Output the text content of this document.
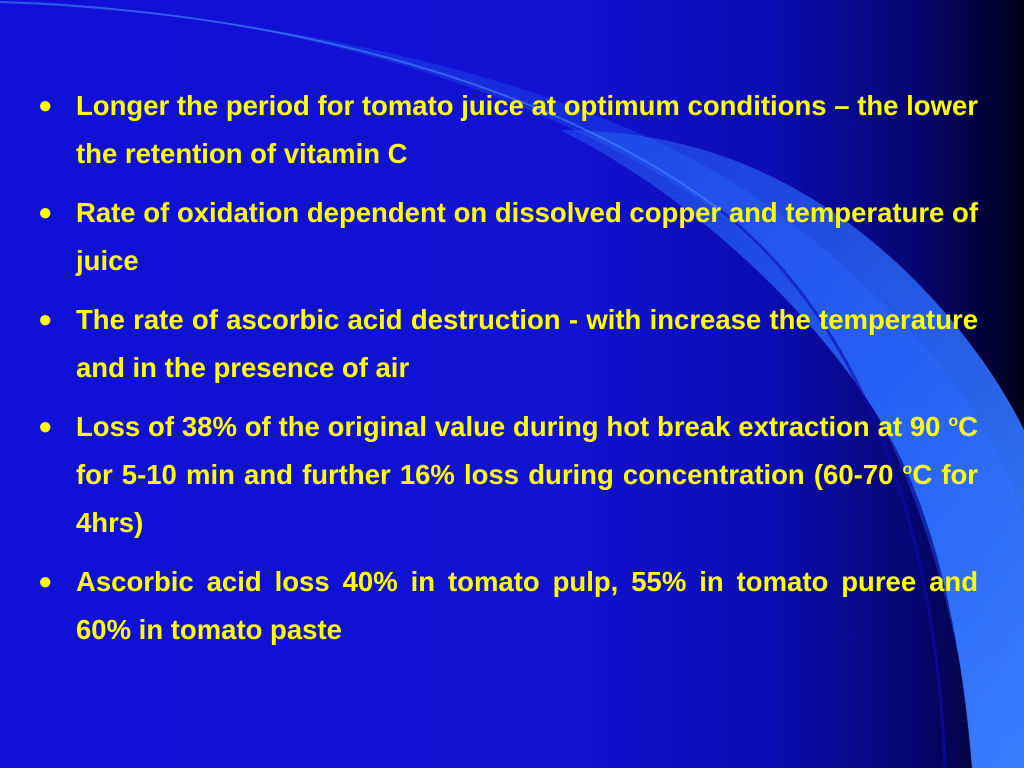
● Longer the period for tomato juice at optimum conditions – the lower the retention of vitamin C
● Rate of oxidation dependent on dissolved copper and temperature of juice
● The rate of ascorbic acid destruction - with increase the temperature and in the presence of air
● Loss of 38% of the original value during hot break extraction at 90 $^o$C for 5-10 min and further 16% loss during concentration (60-70 $^o$C for 4hrs)
● Ascorbic acid loss 40% in tomato pulp, 55% in tomato puree and 60% in tomato paste
